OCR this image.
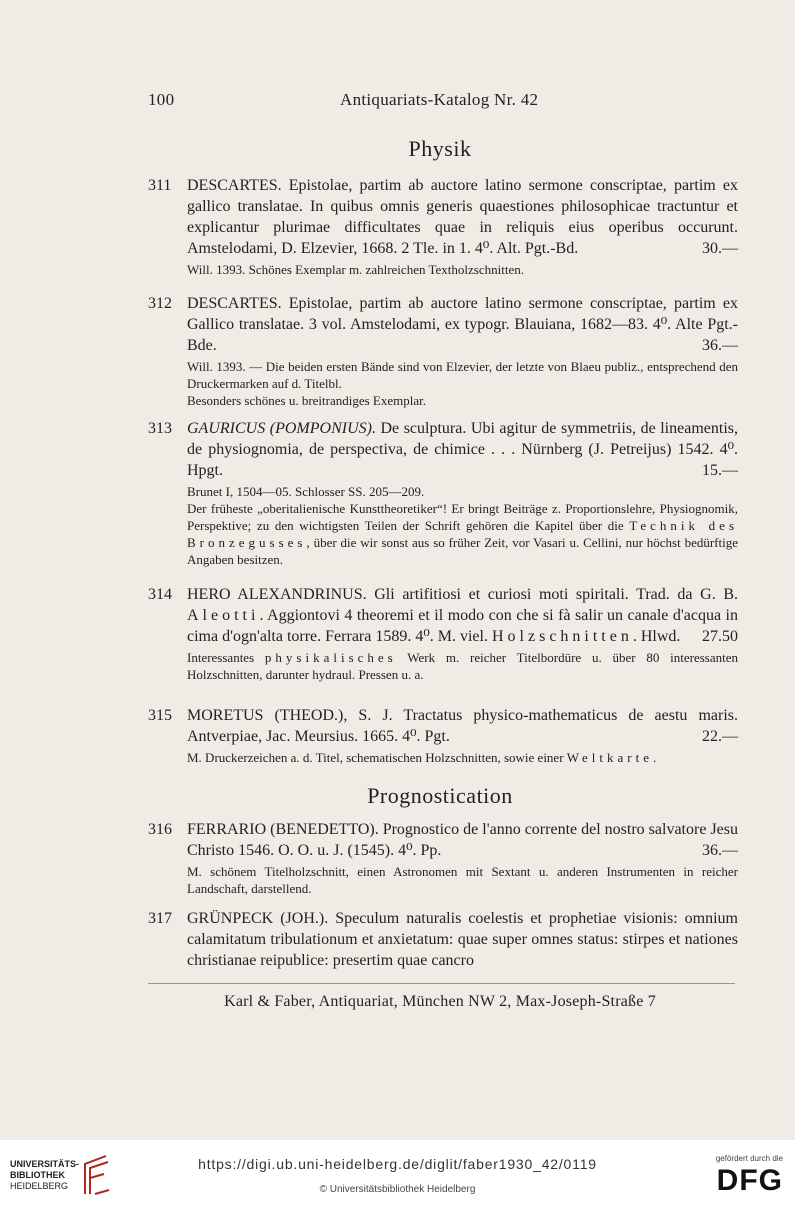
100	Antiquariats-Katalog Nr. 42
Physik
311 DESCARTES. Epistolae, partim ab auctore latino sermone conscriptae, partim ex gallico translatae. In quibus omnis generis quaestiones philosophicae tractuntur et explicantur plurimae difficultates quae in reliquis eius operibus occurunt. Amstelodami, D. Elzevier, 1668. 2 Tle. in 1. 4⁰. Alt. Pgt.-Bd.	30.—
Will. 1393. Schönes Exemplar m. zahlreichen Textholzschnitten.
312 DESCARTES. Epistolae, partim ab auctore latino sermone conscriptae, partim ex Gallico translatae. 3 vol. Amstelodami, ex typogr. Blauiana, 1682—83. 4⁰. Alte Pgt.-Bde.	36.—
Will. 1393. — Die beiden ersten Bände sind von Elzevier, der letzte von Blaeu publiz., entsprechend den Druckermarken auf d. Titelbl.
Besonders schönes u. breitrandiges Exemplar.
313 GAURICUS (POMPONIUS). De sculptura. Ubi agitur de symmetriis, de lineamentis, de physiognomia, de perspectiva, de chimice . . . Nürnberg (J. Petreijus) 1542. 4⁰. Hpgt.	15.—
Brunet I, 1504—05. Schlosser SS. 205—209.
Der früheste „oberitalienische Kunsttheoretiker“! Er bringt Beiträge z. Proportionslehre, Physiognomik, Perspektive; zu den wichtigsten Teilen der Schrift gehören die Kapitel über die Technik des Bronzegusses, über die wir sonst aus so früher Zeit, vor Vasari u. Cellini, nur höchst bedürftige Angaben besitzen.
314 HERO ALEXANDRINUS. Gli artifitiosi et curiosi moti spiritali. Trad. da G. B. Aleotti. Aggiontovi 4 theoremi et il modo con che si fà salir un canale d'acqua in cima d'ogn'alta torre. Ferrara 1589. 4⁰. M. viel. Holzschnitten. Hlwd. 27.50
Interessantes physikalisches Werk m. reicher Titelbordüre u. über 80 interessanten Holzschnitten, darunter hydraul. Pressen u. a.
315 MORETUS (THEOD.), S. J. Tractatus physico-mathematicus de aestu maris. Antverpiae, Jac. Meursius. 1665. 4⁰. Pgt.	22.—
M. Druckerzeichen a. d. Titel, schematischen Holzschnitten, sowie einer Weltkarte.
Prognostication
316 FERRARIO (BENEDETTO). Prognostico de l'anno corrente del nostro salvatore Jesu Christo 1546. O. O. u. J. (1545). 4⁰. Pp.	36.—
M. schönem Titelholzschnitt, einen Astronomen mit Sextant u. anderen Instrumenten in reicher Landschaft, darstellend.
317 GRÜNPECK (JOH.). Speculum naturalis coelestis et prophetiae visionis: omnium calamitatum tribulationum et anxietatum: quae super omnes status: stirpes et nationes christianae reipublice: presertim quae cancro
Karl & Faber, Antiquariat, München NW 2, Max-Joseph-Straße 7
UNIVERSITÄTS-
BIBLIOTHEK
HEIDELBERG
https://digi.ub.uni-heidelberg.de/diglit/faber1930_42/0119
© Universitätsbibliothek Heidelberg
gefördert durch die
DFG
